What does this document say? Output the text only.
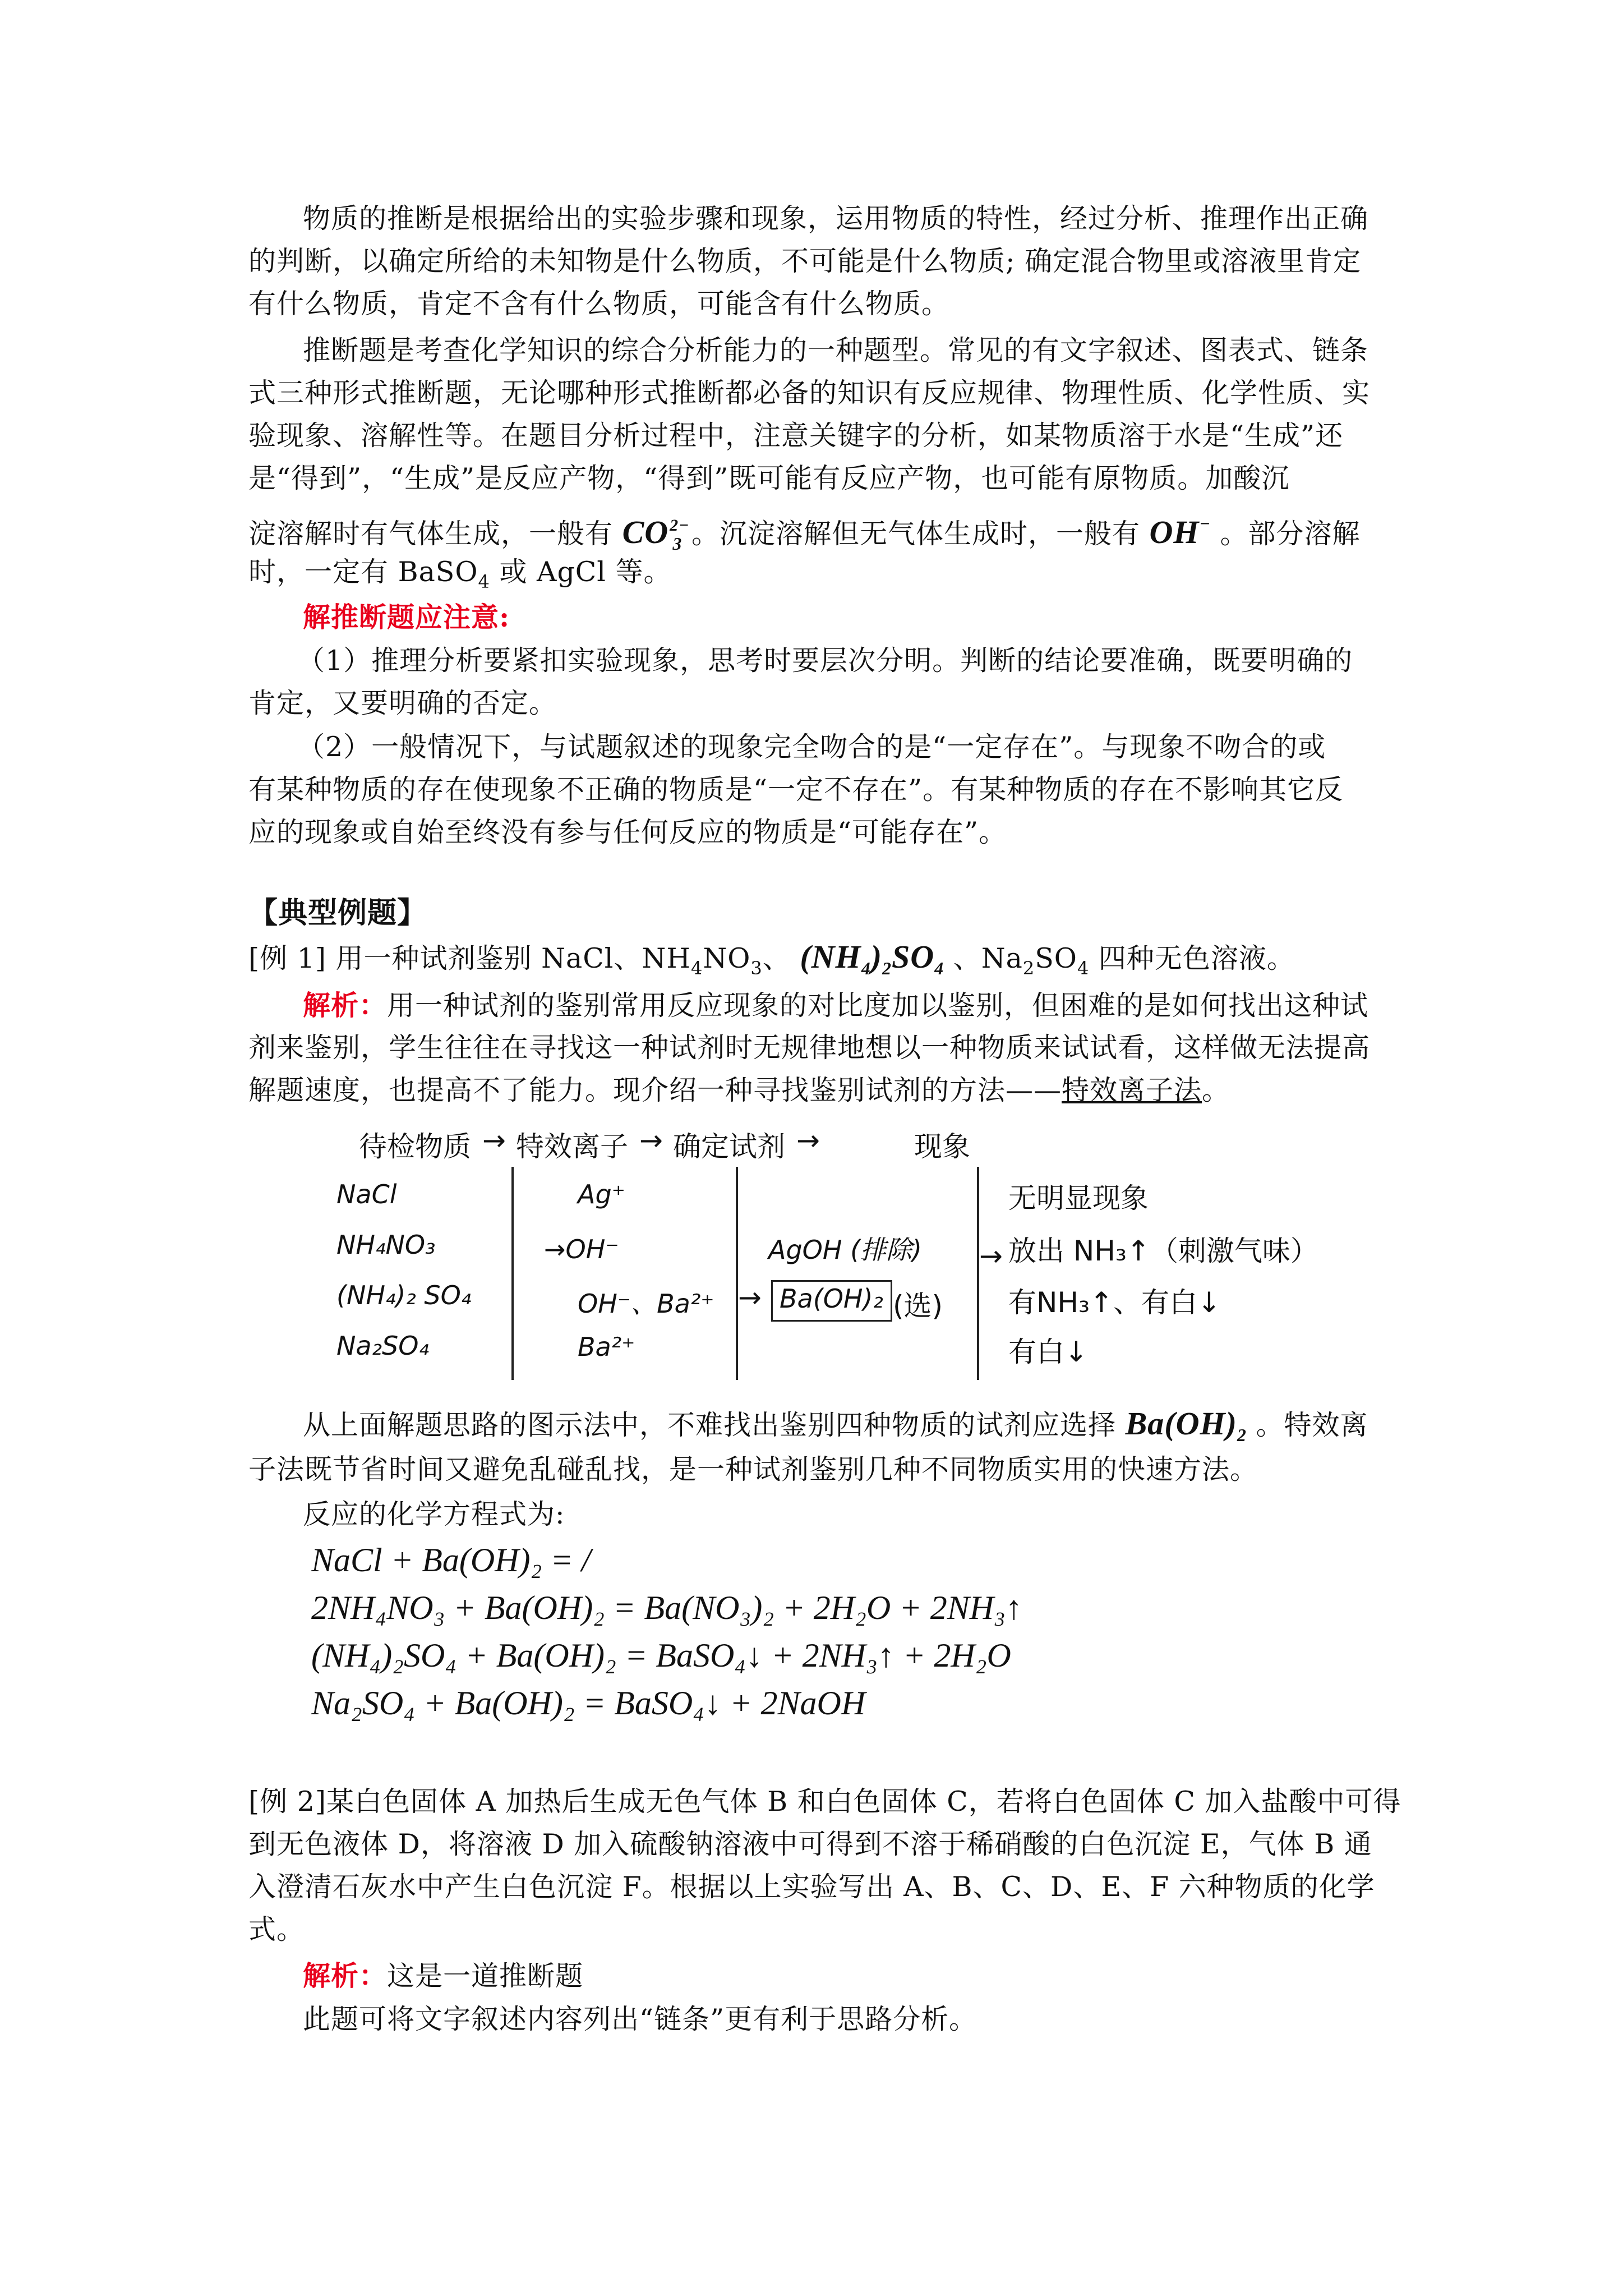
物质的推断是根据给出的实验步骤和现象，运用物质的特性，经过分析、推理作出正确
的判断，以确定所给的未知物是什么物质，不可能是什么物质; 确定混合物里或溶液里肯定
有什么物质，肯定不含有什么物质，可能含有什么物质。
推断题是考查化学知识的综合分析能力的一种题型。常见的有文字叙述、图表式、链条
式三种形式推断题，无论哪种形式推断都必备的知识有反应规律、物理性质、化学性质、实
验现象、溶解性等。在题目分析过程中，注意关键字的分析，如某物质溶于水是“生成”还
是“得到”，“生成”是反应产物，“得到”既可能有反应产物，也可能有原物质。加酸沉
淀溶解时有气体生成，一般有 $CO^{2-}_3$ 。沉淀溶解但无气体生成时，一般有 OH− 。部分溶解
时，一定有 BaSO$_4$ 或 AgCl 等。
解推断题应注意:
（1）推理分析要紧扣实验现象，思考时要层次分明。判断的结论要准确，既要明确的
肯定，又要明确的否定。
（2）一般情况下，与试题叙述的现象完全吻合的是“一定存在”。与现象不吻合的或
有某种物质的存在使现象不正确的物质是“一定不存在”。有某种物质的存在不影响其它反
应的现象或自始至终没有参与任何反应的物质是“可能存在”。
【典型例题】
[例 1] 用一种试剂鉴别 NaCl、$NH_4NO_3$、 $(NH_4)_2SO_4$ 、$Na_2SO_4$ 四种无色溶液。
解析：用一种试剂的鉴别常用反应现象的对比度加以鉴别，但困难的是如何找出这种试
剂来鉴别，学生往往在寻找这一种试剂时无规律地想以一种物质来试试看，这样做无法提高
解题速度，也提高不了能力。现介绍一种寻找鉴别试剂的方法——特效离子法。
待检物质 → 特效离子 → 确定试剂 →	现象
NaCl
NH₄NO₃
(NH₄)₂ SO₄
Na₂SO₄
Ag⁺
→OH⁻
OH⁻、Ba²⁺
Ba²⁺
AgOH (排除)
→ Ba(OH)₂ (选)
→
无明显现象
放出 NH₃↑（刺激气味）
有NH₃↑、有白↓
有白↓
从上面解题思路的图示法中，不难找出鉴别四种物质的试剂应选择 $Ba(OH)_2$ 。特效离
子法既节省时间又避免乱碰乱找，是一种试剂鉴别几种不同物质实用的快速方法。
反应的化学方程式为:
NaCl + Ba(OH)₂ = /
2NH₄NO₃ + Ba(OH)₂ = Ba(NO₃)₂ + 2H₂O + 2NH₃↑
(NH₄)₂SO₄ + Ba(OH)₂ = BaSO₄↓ + 2NH₃↑ + 2H₂O
Na₂SO₄ + Ba(OH)₂ = BaSO₄↓ + 2NaOH
[例 2]某白色固体 A 加热后生成无色气体 B 和白色固体 C，若将白色固体 C 加入盐酸中可得
到无色液体 D，将溶液 D 加入硫酸钠溶液中可得到不溶于稀硝酸的白色沉淀 E，气体 B 通
入澄清石灰水中产生白色沉淀 F。根据以上实验写出 A、B、C、D、E、F 六种物质的化学
式。
解析：这是一道推断题
此题可将文字叙述内容列出“链条”更有利于思路分析。
